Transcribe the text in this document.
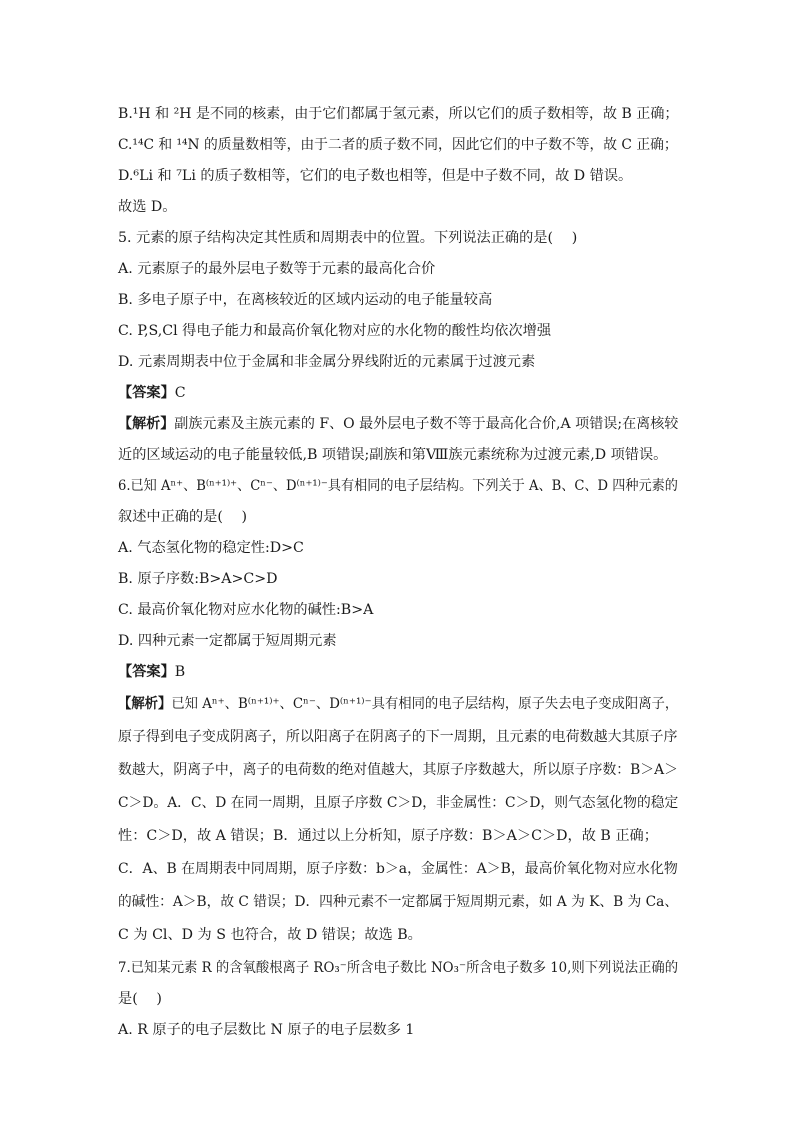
B.¹H 和 ²H 是不同的核素，由于它们都属于氢元素，所以它们的质子数相等，故 B 正确；
C.¹⁴C 和 ¹⁴N 的质量数相等，由于二者的质子数不同，因此它们的中子数不等，故 C 正确；
D.⁶Li 和 ⁷Li 的质子数相等，它们的电子数也相等，但是中子数不同，故 D 错误。
故选 D。
5. 元素的原子结构决定其性质和周期表中的位置。下列说法正确的是(　 )
A. 元素原子的最外层电子数等于元素的最高化合价
B. 多电子原子中，在离核较近的区域内运动的电子能量较高
C. P,S,Cl 得电子能力和最高价氧化物对应的水化物的酸性均依次增强
D. 元素周期表中位于金属和非金属分界线附近的元素属于过渡元素
【答案】C
【解析】副族元素及主族元素的 F、O 最外层电子数不等于最高化合价,A 项错误;在离核较
近的区域运动的电子能量较低,B 项错误;副族和第Ⅷ族元素统称为过渡元素,D 项错误。
6.已知 Aⁿ⁺、B⁽ⁿ⁺¹⁾⁺、Cⁿ⁻、D⁽ⁿ⁺¹⁾⁻具有相同的电子层结构。下列关于 A、B、C、D 四种元素的
叙述中正确的是(　 )
B. 原子序数:B>A>C>D
A. 气态氢化物的稳定性:D>C
C. 最高价氧化物对应水化物的碱性:B>A
D. 四种元素一定都属于短周期元素
【答案】B
【解析】已知 Aⁿ⁺、B⁽ⁿ⁺¹⁾⁺、Cⁿ⁻、D⁽ⁿ⁺¹⁾⁻具有相同的电子层结构，原子失去电子变成阳离子，
原子得到电子变成阴离子，所以阳离子在阴离子的下一周期，且元素的电荷数越大其原子序
数越大，阴离子中，离子的电荷数的绝对值越大，其原子序数越大，所以原子序数：B＞A＞
C＞D。A．C、D 在同一周期，且原子序数 C＞D，非金属性：C＞D，则气态氢化物的稳定
性：C＞D，故 A 错误；B．通过以上分析知，原子序数：B＞A＞C＞D，故 B 正确；
C．A、B 在周期表中同周期，原子序数：b＞a，金属性：A＞B，最高价氧化物对应水化物
的碱性：A＞B，故 C 错误；D．四种元素不一定都属于短周期元素，如 A 为 K、B 为 Ca、
C 为 Cl、D 为 S 也符合，故 D 错误；故选 B。
7.已知某元素 R 的含氧酸根离子 RO₃⁻所含电子数比 NO₃⁻所含电子数多 10,则下列说法正确的
是(　 )
A. R 原子的电子层数比 N 原子的电子层数多 1
